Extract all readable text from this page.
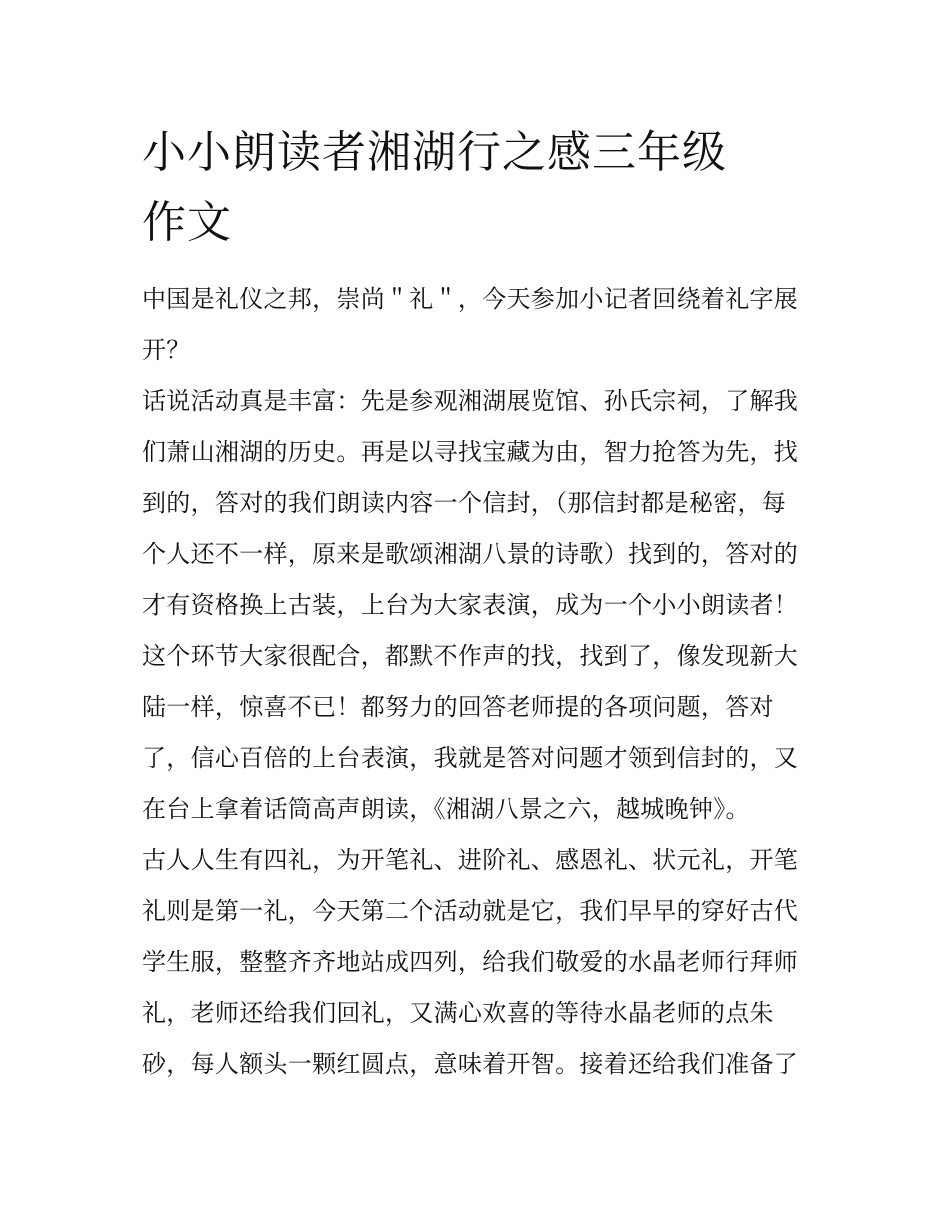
小小朗读者湘湖行之感三年级
作文
中国是礼仪之邦，崇尚＂礼＂，今天参加小记者回绕着礼字展
开？
话说活动真是丰富：先是参观湘湖展览馆、孙氏宗祠，了解我
们萧山湘湖的历史。再是以寻找宝藏为由，智力抢答为先，找
到的，答对的我们朗读内容一个信封，（那信封都是秘密，每
个人还不一样，原来是歌颂湘湖八景的诗歌）找到的，答对的
才有资格换上古装，上台为大家表演，成为一个小小朗读者！
这个环节大家很配合，都默不作声的找，找到了，像发现新大
陆一样，惊喜不已！都努力的回答老师提的各项问题，答对
了，信心百倍的上台表演，我就是答对问题才领到信封的，又
在台上拿着话筒高声朗读，《湘湖八景之六，越城晚钟》。
古人人生有四礼，为开笔礼、进阶礼、感恩礼、状元礼，开笔
礼则是第一礼，今天第二个活动就是它，我们早早的穿好古代
学生服，整整齐齐地站成四列，给我们敬爱的水晶老师行拜师
礼，老师还给我们回礼，又满心欢喜的等待水晶老师的点朱
砂，每人额头一颗红圆点，意味着开智。接着还给我们准备了
